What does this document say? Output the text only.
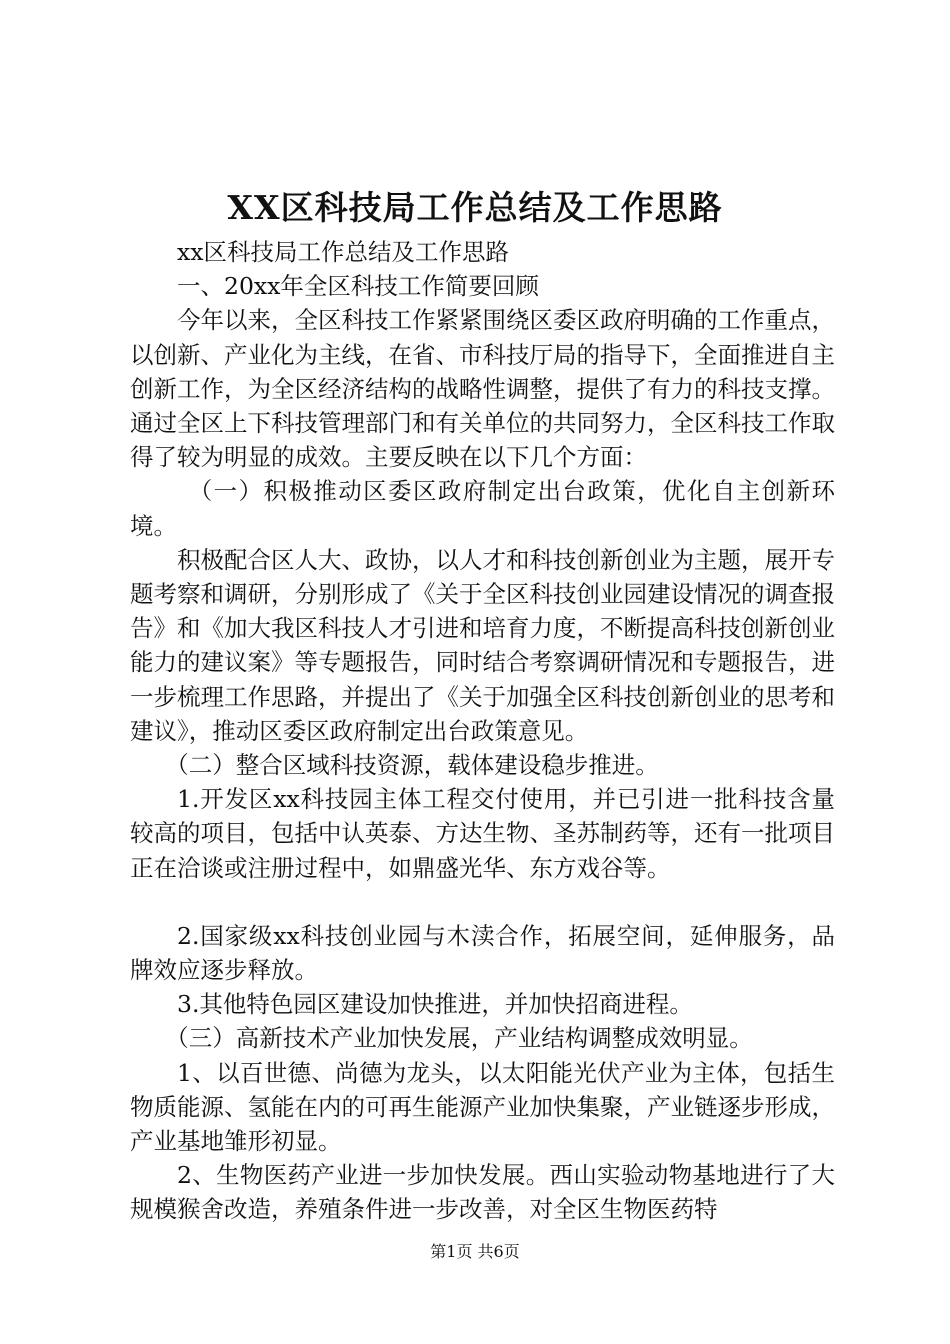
XX区科技局工作总结及工作思路

xx区科技局工作总结及工作思路

一、20xx年全区科技工作简要回顾

今年以来，全区科技工作紧紧围绕区委区政府明确的工作重点，以创新、产业化为主线，在省、市科技厅局的指导下，全面推进自主创新工作，为全区经济结构的战略性调整，提供了有力的科技支撑。通过全区上下科技管理部门和有关单位的共同努力，全区科技工作取得了较为明显的成效。主要反映在以下几个方面：

（一）积极推动区委区政府制定出台政策，优化自主创新环境。

积极配合区人大、政协，以人才和科技创新创业为主题，展开专题考察和调研，分别形成了《关于全区科技创业园建设情况的调查报告》和《加大我区科技人才引进和培育力度，不断提高科技创新创业能力的建议案》等专题报告，同时结合考察调研情况和专题报告，进一步梳理工作思路，并提出了《关于加强全区科技创新创业的思考和建议》，推动区委区政府制定出台政策意见。

（二）整合区域科技资源，载体建设稳步推进。

1.开发区xx科技园主体工程交付使用，并已引进一批科技含量较高的项目，包括中认英泰、方达生物、圣苏制药等，还有一批项目正在洽谈或注册过程中，如鼎盛光华、东方戏谷等。

2.国家级xx科技创业园与木渎合作，拓展空间，延伸服务，品牌效应逐步释放。

3.其他特色园区建设加快推进，并加快招商进程。

（三）高新技术产业加快发展，产业结构调整成效明显。

1、以百世德、尚德为龙头，以太阳能光伏产业为主体，包括生物质能源、氢能在内的可再生能源产业加快集聚，产业链逐步形成，产业基地雏形初显。

2、生物医药产业进一步加快发展。西山实验动物基地进行了大规模猴舍改造，养殖条件进一步改善，对全区生物医药特

第1页 共6页
